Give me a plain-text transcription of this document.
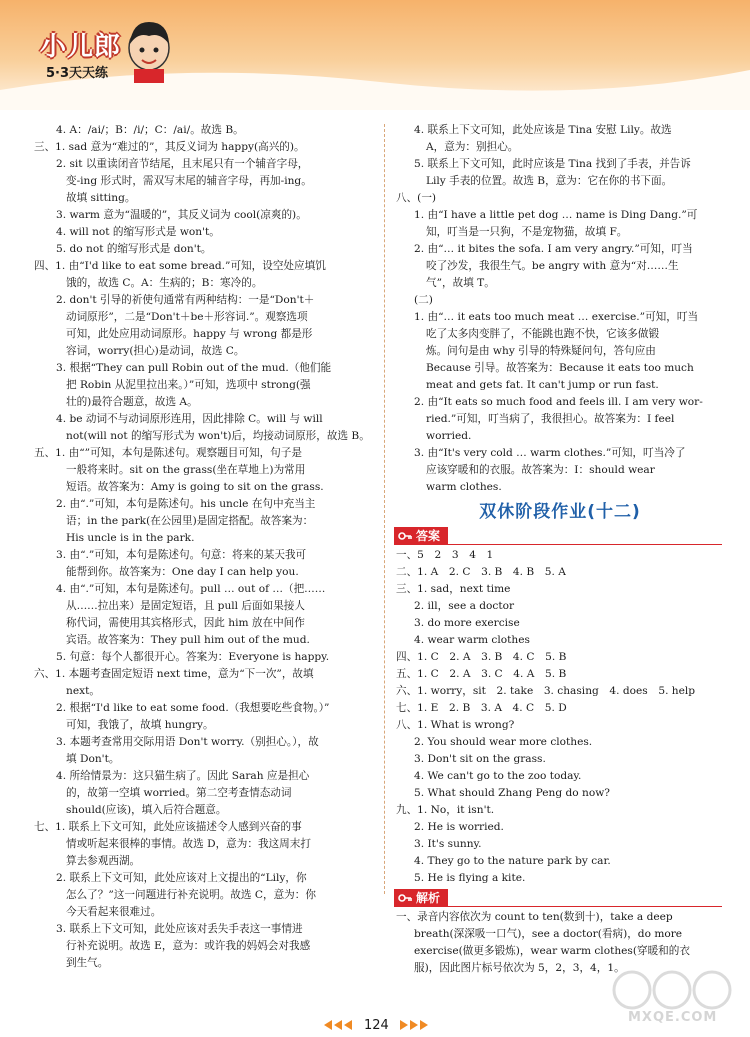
小儿郎
5·3天天练

4. A：/ai/；B：/i/；C：/ai/。故选 B。

三、1. sad 意为“难过的”，其反义词为 happy(高兴的)。

2. sit 以重读闭音节结尾，且末尾只有一个辅音字母，

变-ing 形式时，需双写末尾的辅音字母，再加-ing。

故填 sitting。

3. warm 意为“温暖的”，其反义词为 cool(凉爽的)。

4. will not 的缩写形式是 won't。

5. do not 的缩写形式是 don't。

四、1. 由“I'd like to eat some bread.”可知，设空处应填饥

饿的，故选 C。A：生病的；B：寒冷的。

2. don't 引导的祈使句通常有两种结构：一是“Don't＋

动词原形”，二是“Don't＋be＋形容词.”。观察选项

可知，此处应用动词原形。happy 与 wrong 都是形

容词，worry(担心)是动词，故选 C。

3. 根据“They can pull Robin out of the mud.（他们能

把 Robin 从泥里拉出来。）”可知，选项中 strong(强

壮的)最符合题意，故选 A。

4. be 动词不与动词原形连用，因此排除 C。will 与 will

not(will not 的缩写形式为 won't)后，均接动词原形，故选 B。

五、1. 由“”可知，本句是陈述句。观察题目可知，句子是

一般将来时。sit on the grass(坐在草地上)为常用

短语。故答案为：Amy is going to sit on the grass.

2. 由“.”可知，本句是陈述句。his uncle 在句中充当主

语；in the park(在公园里)是固定搭配。故答案为：

His uncle is in the park.

3. 由“.”可知，本句是陈述句。句意：将来的某天我可

能帮到你。故答案为：One day I can help you.

4. 由“.”可知，本句是陈述句。pull … out of …（把……

从……拉出来）是固定短语，且 pull 后面如果接人

称代词，需使用其宾格形式，因此 him 放在中间作

宾语。故答案为：They pull him out of the mud.

5. 句意：每个人都很开心。答案为：Everyone is happy.

六、1. 本题考查固定短语 next time，意为“下一次”，故填

next。

2. 根据“I'd like to eat some food.（我想要吃些食物。）”

可知，我饿了，故填 hungry。

3. 本题考查常用交际用语 Don't worry.（别担心。），故

填 Don't。

4. 所给情景为：这只猫生病了。因此 Sarah 应是担心

的，故第一空填 worried。第二空考查情态动词

should(应该)，填入后符合题意。

七、1. 联系上下文可知，此处应该描述令人感到兴奋的事

情或听起来很棒的事情。故选 D，意为：我这周末打

算去参观西湖。

2. 联系上下文可知，此处应该对上文提出的“Lily，你

怎么了？”这一问题进行补充说明。故选 C，意为：你

今天看起来很难过。

3. 联系上下文可知，此处应该对丢失手表这一事情进

行补充说明。故选 E，意为：或许我的妈妈会对我感

到生气。

4. 联系上下文可知，此处应该是 Tina 安慰 Lily。故选

A，意为：别担心。

5. 联系上下文可知，此时应该是 Tina 找到了手表，并告诉

Lily 手表的位置。故选 B，意为：它在你的书下面。

八、(一)

1. 由“I have a little pet dog … name is Ding Dang.”可

知，叮当是一只狗，不是宠物猫，故填 F。

2. 由“… it bites the sofa. I am very angry.”可知，叮当

咬了沙发，我很生气。be angry with 意为“对……生

气”，故填 T。

(二)

1. 由“… it eats too much meat … exercise.”可知，叮当

吃了太多肉变胖了，不能跳也跑不快，它该多做锻

炼。问句是由 why 引导的特殊疑问句，答句应由

Because 引导。故答案为：Because it eats too much

meat and gets fat. It can't jump or run fast.

2. 由“It eats so much food and feels ill. I am very wor-

ried.”可知，叮当病了，我很担心。故答案为：I feel

worried.

3. 由“It's very cold … warm clothes.”可知，叮当冷了

应该穿暖和的衣服。故答案为：I：should wear

warm clothes.

双休阶段作业(十二)

答案

一、5　2　3　4　1

二、1. A　2. C　3. B　4. B　5. A

三、1. sad，next time

2. ill，see a doctor

3. do more exercise

4. wear warm clothes

四、1. C　2. A　3. B　4. C　5. B

五、1. C　2. A　3. C　4. A　5. B

六、1. worry，sit　2. take　3. chasing　4. does　5. help

七、1. E　2. B　3. A　4. C　5. D

八、1. What is wrong?

2. You should wear more clothes.

3. Don't sit on the grass.

4. We can't go to the zoo today.

5. What should Zhang Peng do now?

九、1. No，it isn't.

2. He is worried.

3. It's sunny.

4. They go to the nature park by car.

5. He is flying a kite.

解析

一、录音内容依次为 count to ten(数到十)，take a deep

breath(深深吸一口气)，see a doctor(看病)，do more

exercise(做更多锻炼)，wear warm clothes(穿暖和的衣

服)，因此图片标号依次为 5，2，3，4，1。

124
MXQE.COM
